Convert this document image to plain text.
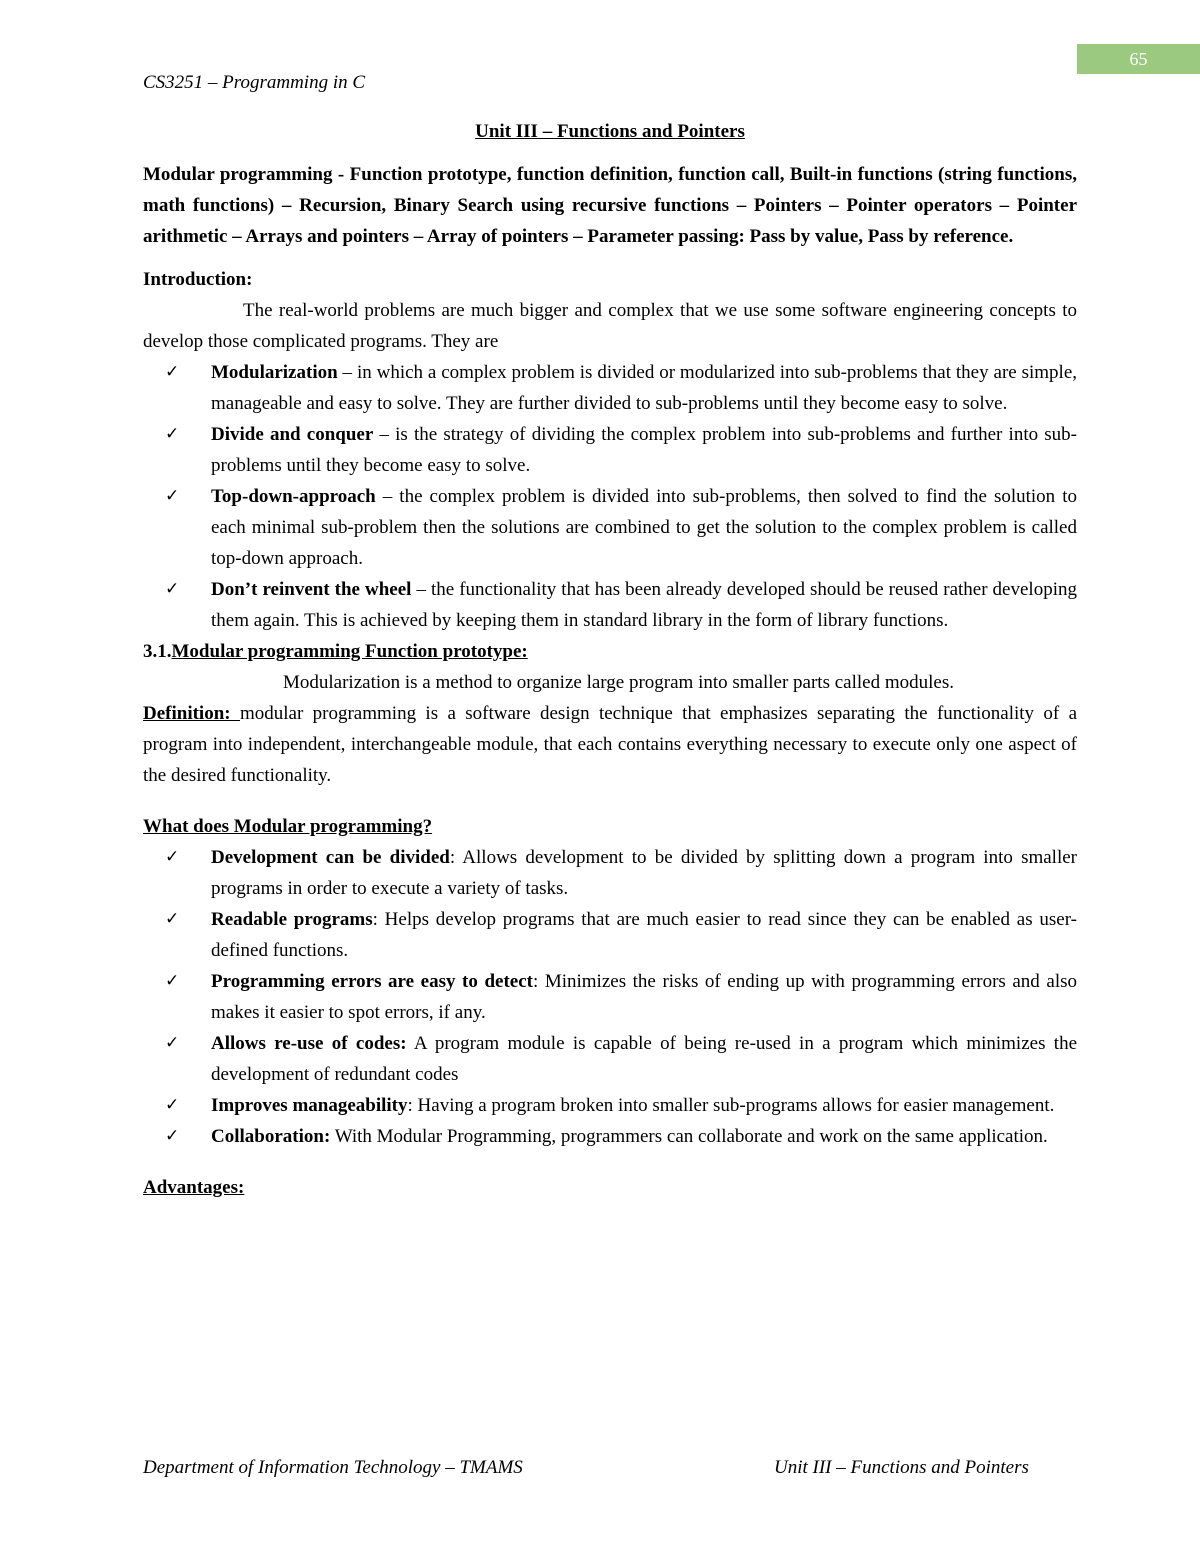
65
CS3251 – Programming in C

Unit III – Functions and Pointers

Modular programming - Function prototype, function definition, function call, Built-in functions (string functions, math functions) – Recursion, Binary Search using recursive functions – Pointers – Pointer operators – Pointer arithmetic – Arrays and pointers – Array of pointers – Parameter passing: Pass by value, Pass by reference.

Introduction:

The real-world problems are much bigger and complex that we use some software engineering concepts to develop those complicated programs. They are

✓ Modularization – in which a complex problem is divided or modularized into sub-problems that they are simple, manageable and easy to solve. They are further divided to sub-problems until they become easy to solve.
✓ Divide and conquer – is the strategy of dividing the complex problem into sub-problems and further into sub-problems until they become easy to solve.
✓ Top-down-approach – the complex problem is divided into sub-problems, then solved to find the solution to each minimal sub-problem then the solutions are combined to get the solution to the complex problem is called top-down approach.
✓ Don’t reinvent the wheel – the functionality that has been already developed should be reused rather developing them again. This is achieved by keeping them in standard library in the form of library functions.

3.1.Modular programming Function prototype:

Modularization is a method to organize large program into smaller parts called modules.

Definition: modular programming is a software design technique that emphasizes separating the functionality of a program into independent, interchangeable module, that each contains everything necessary to execute only one aspect of the desired functionality.

What does Modular programming?

✓ Development can be divided: Allows development to be divided by splitting down a program into smaller programs in order to execute a variety of tasks.
✓ Readable programs: Helps develop programs that are much easier to read since they can be enabled as user-defined functions.
✓ Programming errors are easy to detect: Minimizes the risks of ending up with programming errors and also makes it easier to spot errors, if any.
✓ Allows re-use of codes: A program module is capable of being re-used in a program which minimizes the development of redundant codes
✓ Improves manageability: Having a program broken into smaller sub-programs allows for easier management.
✓ Collaboration: With Modular Programming, programmers can collaborate and work on the same application.

Advantages:

Department of Information Technology – TMAMS	Unit III – Functions and Pointers
